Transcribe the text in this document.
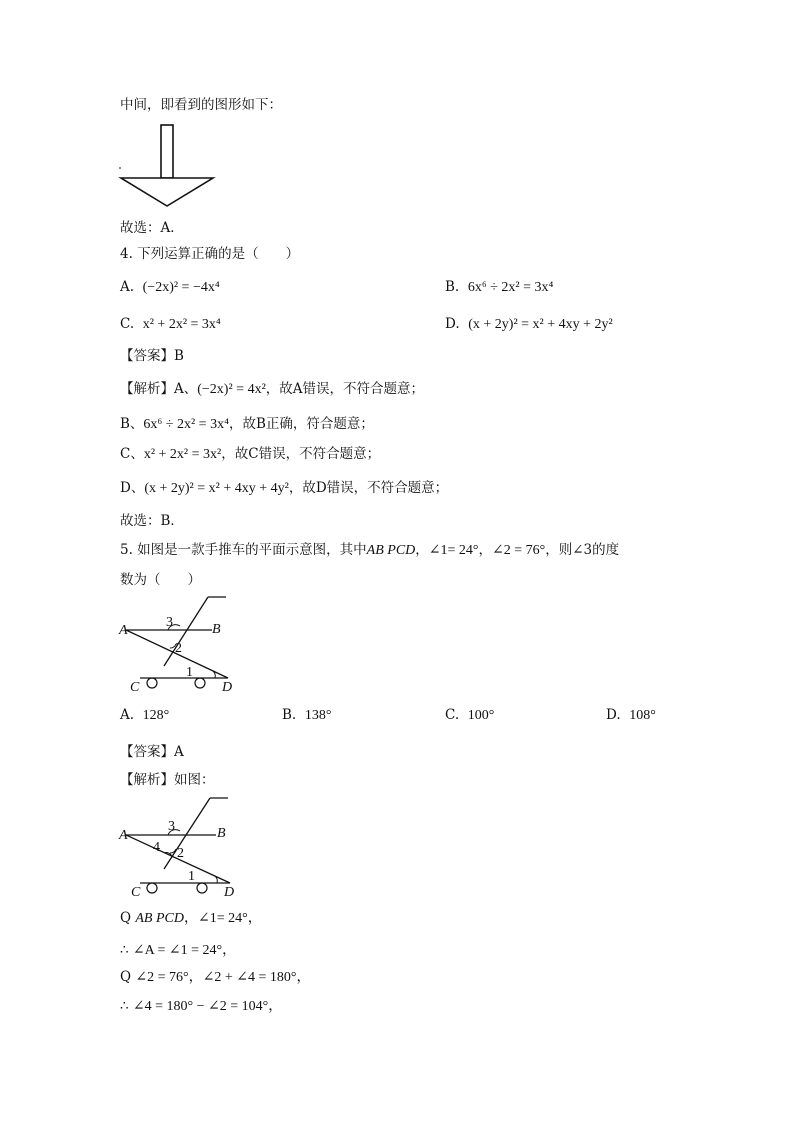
中间，即看到的图形如下：
故选：A．
4. 下列运算正确的是（　　）
A. (−2x)² = −4x⁴	B. 6x⁶ ÷ 2x² = 3x⁴
C. x² + 2x² = 3x⁴	D. (x + 2y)² = x² + 4xy + 2y²
【答案】B
【解析】A、(−2x)² = 4x²，故A错误，不符合题意；
B、6x⁶ ÷ 2x² = 3x⁴，故B正确，符合题意；
C、x² + 2x² = 3x²，故C错误，不符合题意；
D、(x + 2y)² = x² + 4xy + 4y²，故D错误，不符合题意；
故选：B．
5. 如图是一款手推车的平面示意图，其中AB PCD，∠1= 24°，∠2 = 76°，则∠3的度
数为（　　）
A	B
C	D
3
2
1
A. 128°	B. 138°	C. 100°	D. 108°
【答案】A
【解析】如图：
A	B
C	D
3
4 2
1
Q AB PCD，∠1= 24°，
∴ ∠A = ∠1 = 24°，
Q ∠2 = 76°，∠2 + ∠4 = 180°，
∴ ∠4 = 180° − ∠2 = 104°，
